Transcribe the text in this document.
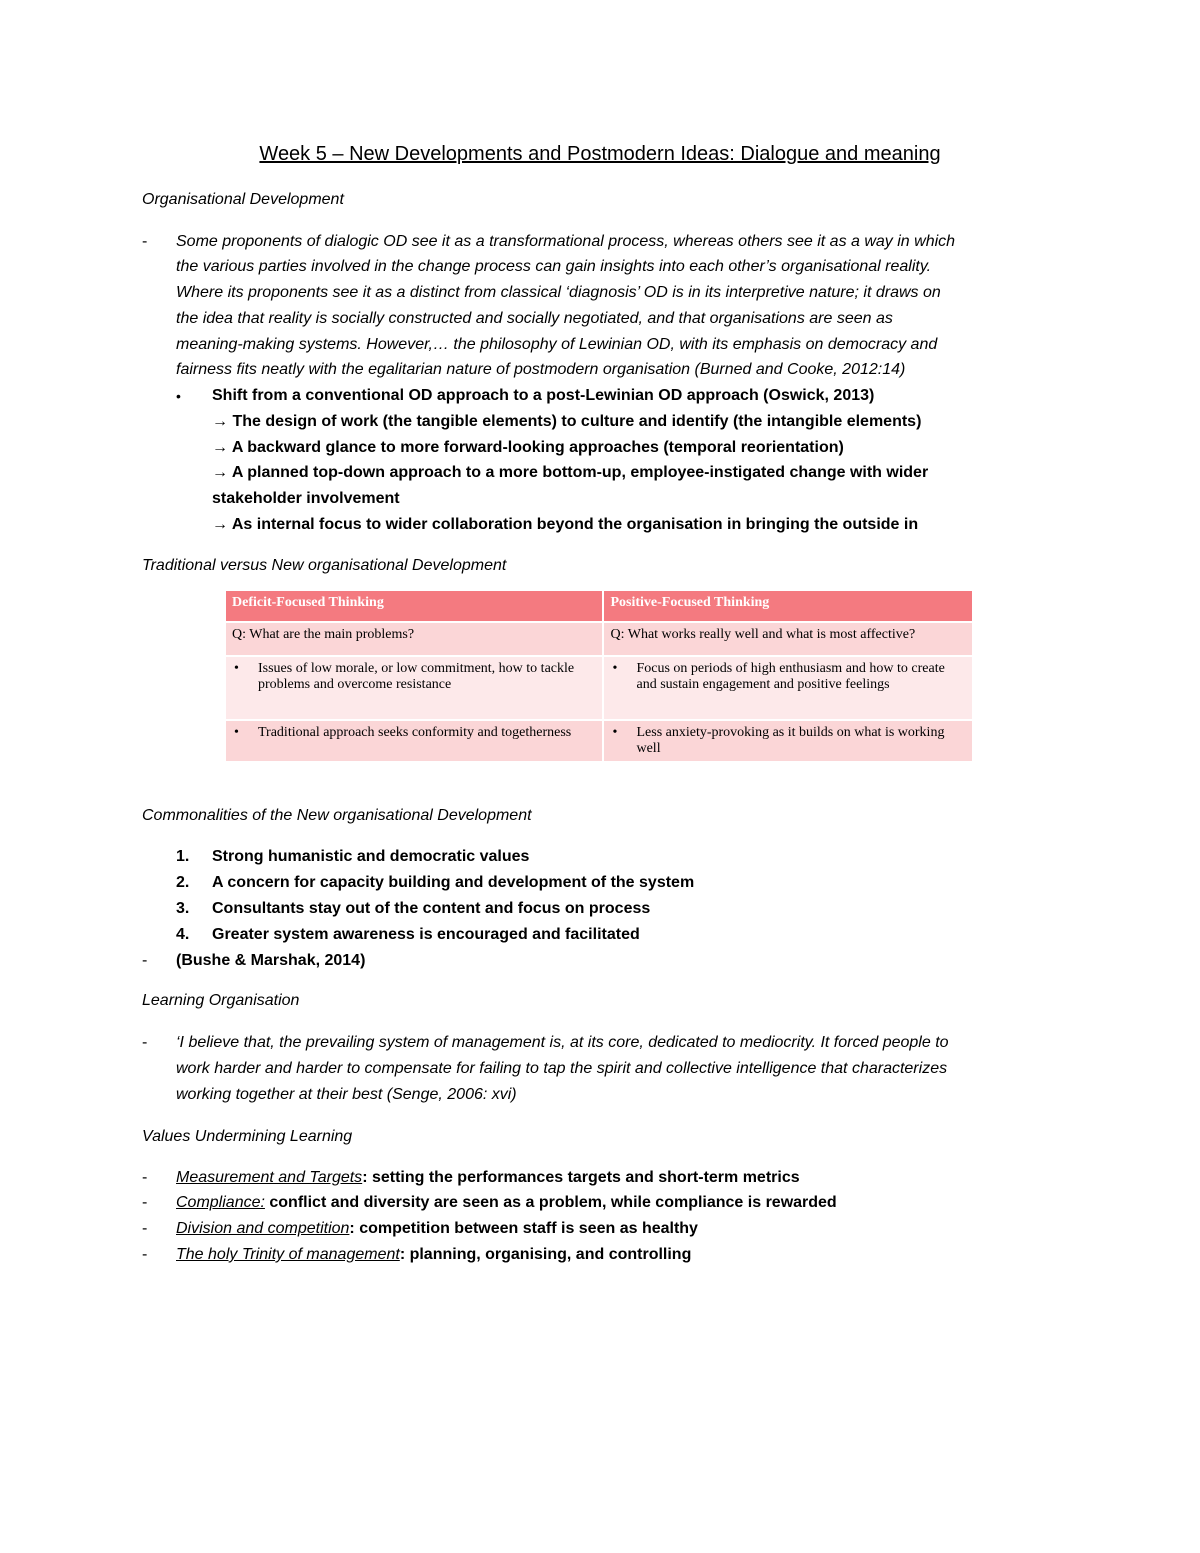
Week 5 – New Developments and Postmodern Ideas: Dialogue and meaning
Organisational Development
- Some proponents of dialogic OD see it as a transformational process, whereas others see it as a way in which
the various parties involved in the change process can gain insights into each other’s organisational reality.
Where its proponents see it as a distinct from classical ‘diagnosis’ OD is in its interpretive nature; it draws on
the idea that reality is socially constructed and socially negotiated, and that organisations are seen as
meaning-making systems. However,… the philosophy of Lewinian OD, with its emphasis on democracy and
fairness fits neatly with the egalitarian nature of postmodern organisation (Burned and Cooke, 2012:14)
• Shift from a conventional OD approach to a post-Lewinian OD approach (Oswick, 2013)
→ The design of work (the tangible elements) to culture and identify (the intangible elements)
→ A backward glance to more forward-looking approaches (temporal reorientation)
→ A planned top-down approach to a more bottom-up, employee-instigated change with wider
stakeholder involvement
→ As internal focus to wider collaboration beyond the organisation in bringing the outside in
Traditional versus New organisational Development
Deficit-Focused Thinking	Positive-Focused Thinking
Q: What are the main problems?	Q: What works really well and what is most affective?

• Issues of low morale, or low commitment, how to tackle problems and overcome resistance	• Focus on periods of high enthusiasm and how to create and sustain engagement and positive feelings

• Traditional approach seeks conformity and togetherness	• Less anxiety-provoking as it builds on what is working well
Commonalities of the New organisational Development
1. Strong humanistic and democratic values
2. A concern for capacity building and development of the system
3. Consultants stay out of the content and focus on process
4. Greater system awareness is encouraged and facilitated
- (Bushe & Marshak, 2014)
Learning Organisation
- ‘I believe that, the prevailing system of management is, at its core, dedicated to mediocrity. It forced people to
work harder and harder to compensate for failing to tap the spirit and collective intelligence that characterizes
working together at their best (Senge, 2006: xvi)
Values Undermining Learning
- Measurement and Targets: setting the performances targets and short-term metrics
- Compliance: conflict and diversity are seen as a problem, while compliance is rewarded
- Division and competition: competition between staff is seen as healthy
- The holy Trinity of management: planning, organising, and controlling
